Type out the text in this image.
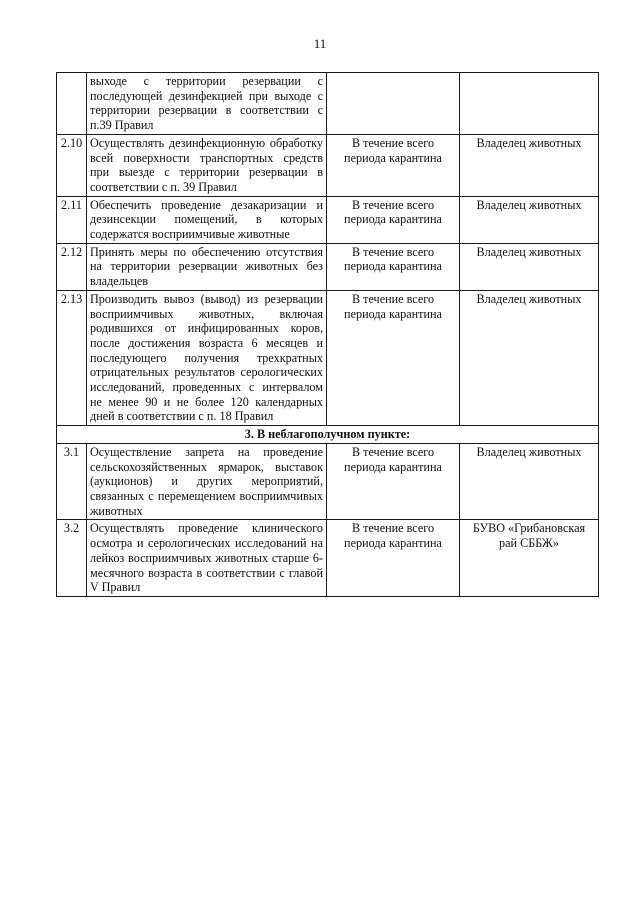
11
	выходе с территории резервации с последующей дезинфекцией при выходе с территории резервации в соответствии с п.39 Правил		
2.10	Осуществлять дезинфекционную обработку всей поверхности транспортных средств при выезде с территории резервации в соответствии с п. 39 Правил	В течение всего периода карантина	Владелец животных
2.11	Обеспечить проведение дезакаризации и дезинсекции помещений, в которых содержатся восприимчивые животные	В течение всего периода карантина	Владелец животных
2.12	Принять меры по обеспечению отсутствия на территории резервации животных без владельцев	В течение всего периода карантина	Владелец животных
2.13	Производить вывоз (вывод) из резервации восприимчивых животных, включая родившихся от инфицированных коров, после достижения возраста 6 месяцев и последующего получения трехкратных отрицательных результатов серологических исследований, проведенных с интервалом не менее 90 и не более 120 календарных дней в соответствии с п. 18 Правил	В течение всего периода карантина	Владелец животных
3. В неблагополучном пункте:			
3.1	Осуществление запрета на проведение сельскохозяйственных ярмарок, выставок (аукционов) и других мероприятий, связанных с перемещением восприимчивых животных	В течение всего периода карантина	Владелец животных
3.2	Осуществлять проведение клинического осмотра и серологических исследований на лейкоз восприимчивых животных старше 6-месячного возраста в соответствии с главой V Правил	В течение всего периода карантина	БУВО «Грибановская рай СББЖ»
